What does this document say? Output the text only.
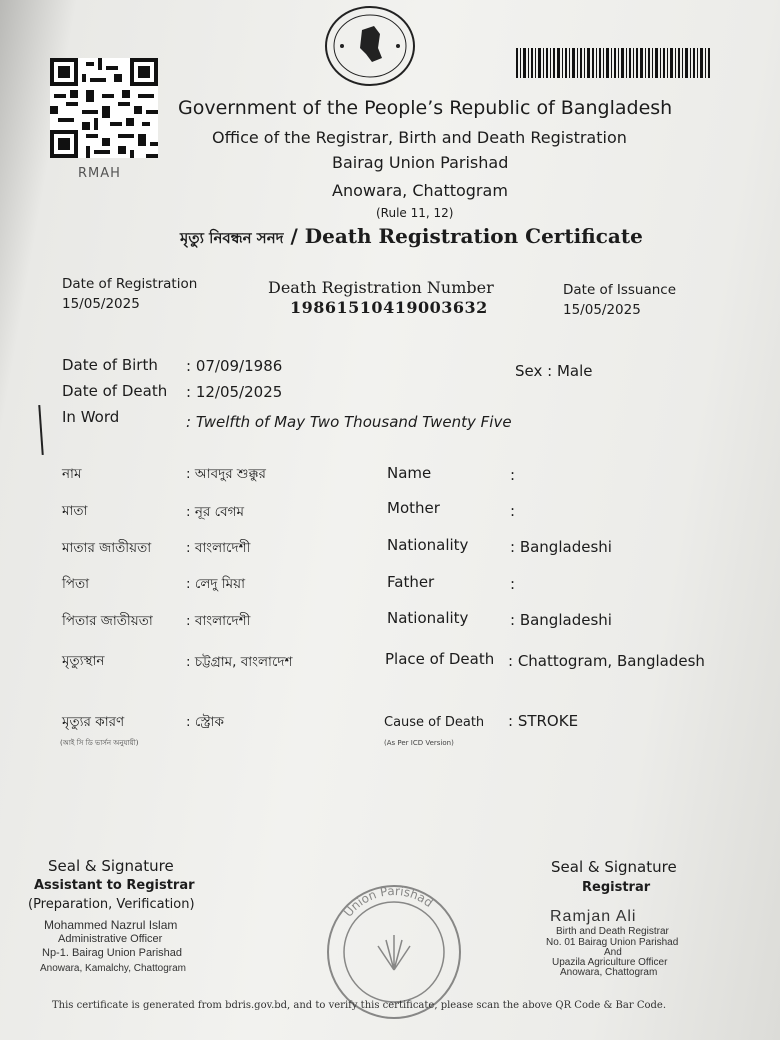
RMAH
Government of the People’s Republic of Bangladesh
Office of the Registrar, Birth and Death Registration
Bairag Union Parishad
Anowara, Chattogram
(Rule 11, 12)
মৃত্যু নিবন্ধন সনদ / Death Registration Certificate
Date of Registration
15/05/2025
Death Registration Number
19861510419003632
Date of Issuance
15/05/2025
Date of Birth : 07/09/1986
Date of Death : 12/05/2025
In Word	: Twelfth of May Two Thousand Twenty Five
Sex : Male
নাম	: আবদুর শুক্কুর	Name	:
মাতা	: নূর বেগম	Mother	:
মাতার জাতীয়তা	: বাংলাদেশী	Nationality	: Bangladeshi
পিতা	: লেদু মিয়া	Father	:
পিতার জাতীয়তা : বাংলাদেশী	Nationality	: Bangladeshi
মৃত্যুস্থান	: চট্টগ্রাম, বাংলাদেশ	Place of Death : Chattogram, Bangladesh
মৃত্যুর কারণ	: স্ট্রোক	Cause of Death : STROKE
(আই সি ডি ভার্সন অনুযায়ী)	(As Per ICD Version)
Seal & Signature
Assistant to Registrar
(Preparation, Verification)
Mohammed Nazrul Islam
Administrative Officer
Np-1. Bairag Union Parishad
Anowara, Kamalchy, Chattogram
Seal & Signature
Registrar
Ramjan Ali
Birth and Death Registrar
No. 01 Bairag Union Parishad
And
Upazila Agriculture Officer
Anowara, Chattogram
Union Parishad
This certificate is generated from bdris.gov.bd, and to verify this certificate, please scan the above QR Code & Bar Code.
